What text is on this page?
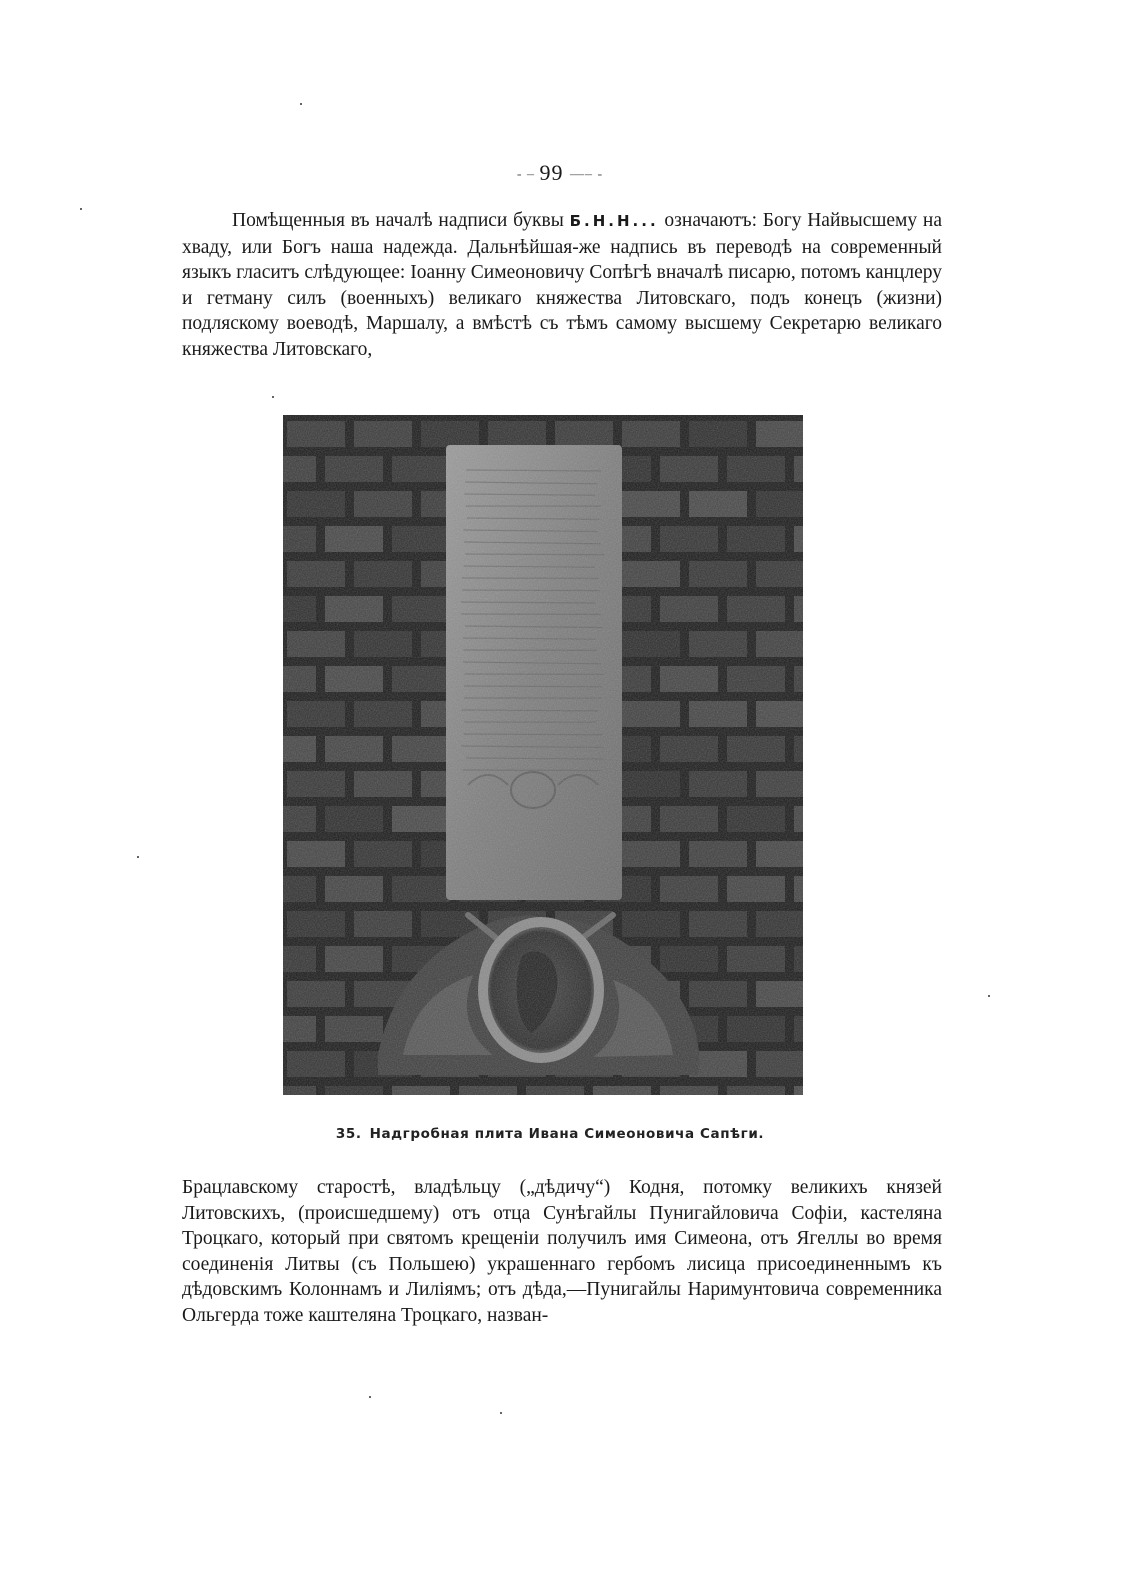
- ‒ 99 —‒ -

Помѣщенныя въ началѣ надписи буквы Б.Н.Н... означаютъ: Богу Найвысшему на хваду, или Богъ наша надежда. Дальнѣйшая-же надпись въ переводѣ на современный языкъ гласитъ слѣдующее: Іоанну Симеоновичу Сопѣгѣ вначалѣ писарю, потомъ канцлеру и гетману силъ (военныхъ) великаго княжества Литовскаго, подъ конецъ (жизни) подляскому воеводѣ, Маршалу, а вмѣстѣ съ тѣмъ самому высшему Секретарю великаго княжества Литовскаго,

35. Надгробная плита Ивана Симеоновича Сапѣги.

Брацлавскому старостѣ, владѣльцу („дѣдичу“) Кодня, потомку великихъ князей Литовскихъ, (происшедшему) отъ отца Сунѣгайлы Пунигайловича Софіи, кастеляна Троцкаго, который при святомъ крещеніи получилъ имя Симеона, отъ Ягеллы во время соединенія Литвы (съ Польшею) украшеннаго гербомъ лисица присоединеннымъ къ дѣдовскимъ Колоннамъ и Лиліямъ; отъ дѣда,—Пунигайлы Наримунтовича современника Ольгерда тоже каштеляна Троцкаго, назван-
